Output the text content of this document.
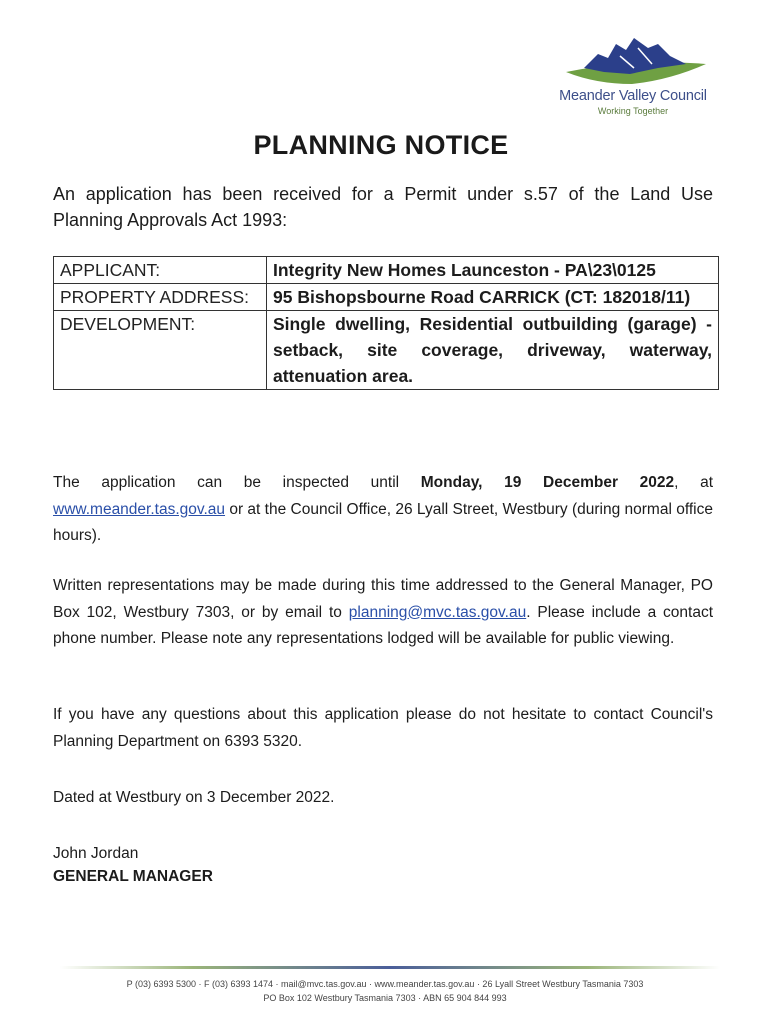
Meander Valley Council
Working Together
PLANNING NOTICE
An application has been received for a Permit under s.57 of the Land Use Planning Approvals Act 1993:
APPLICANT:	Integrity New Homes Launceston - PA\23\0125
PROPERTY ADDRESS:	95 Bishopsbourne Road CARRICK (CT: 182018/11)
DEVELOPMENT:	Single dwelling, Residential outbuilding (garage) - setback, site coverage, driveway, waterway, attenuation area.
The application can be inspected until Monday, 19 December 2022, at www.meander.tas.gov.au or at the Council Office, 26 Lyall Street, Westbury (during normal office hours).
Written representations may be made during this time addressed to the General Manager, PO Box 102, Westbury 7303, or by email to planning@mvc.tas.gov.au. Please include a contact phone number. Please note any representations lodged will be available for public viewing.
If you have any questions about this application please do not hesitate to contact Council's Planning Department on 6393 5320.
Dated at Westbury on 3 December 2022.
John Jordan
GENERAL MANAGER
P (03) 6393 5300 · F (03) 6393 1474 · mail@mvc.tas.gov.au · www.meander.tas.gov.au · 26 Lyall Street Westbury Tasmania 7303
PO Box 102 Westbury Tasmania 7303 · ABN 65 904 844 993
